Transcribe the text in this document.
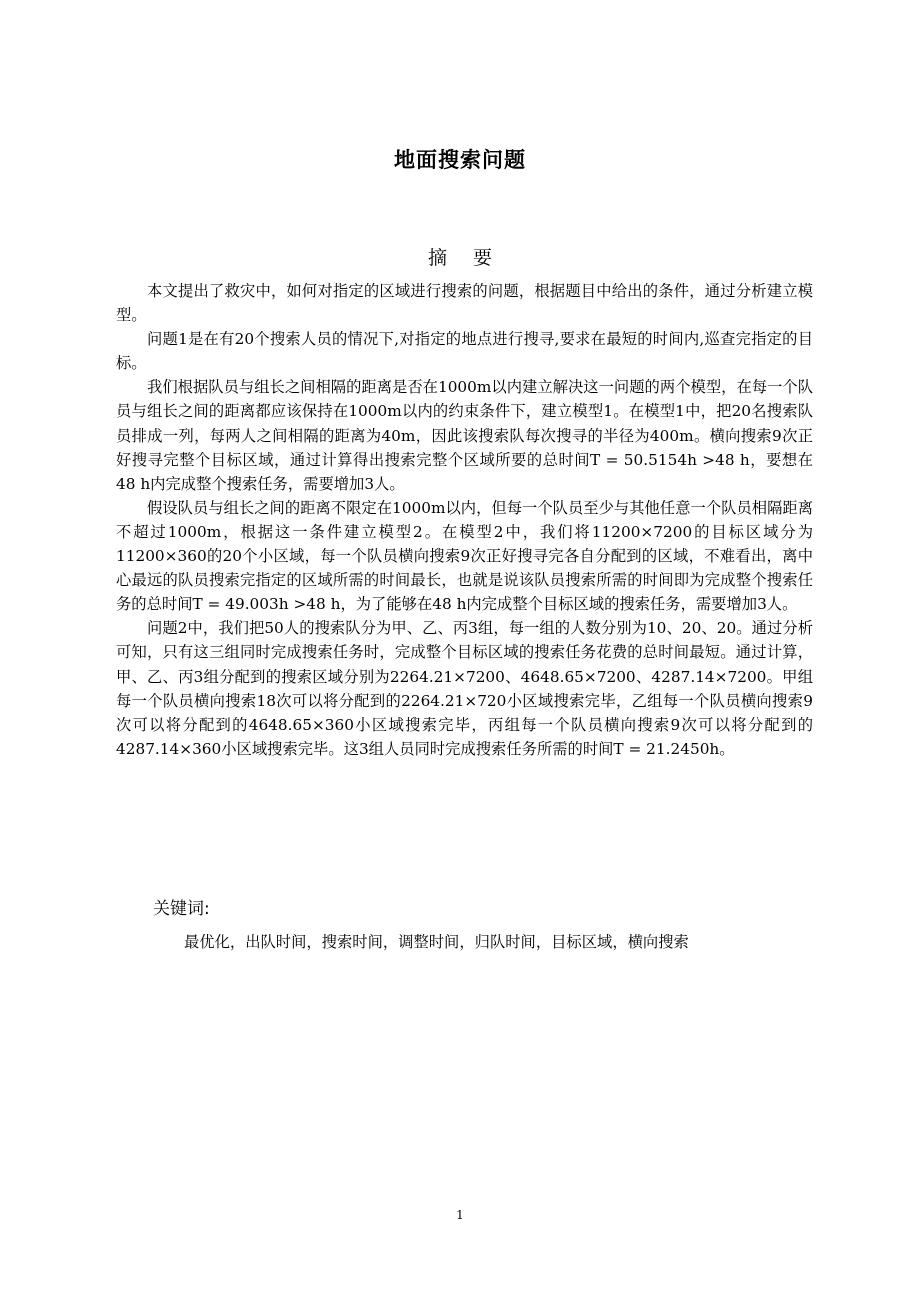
地面搜索问题
摘 要

本文提出了救灾中，如何对指定的区域进行搜索的问题，根据题目中给出的条件，通过分析建立模型。

问题1是在有20个搜索人员的情况下,对指定的地点进行搜寻,要求在最短的时间内,巡查完指定的目标。

我们根据队员与组长之间相隔的距离是否在1000m以内建立解决这一问题的两个模型，在每一个队员与组长之间的距离都应该保持在1000m以内的约束条件下，建立模型1。在模型1中，把20名搜索队员排成一列，每两人之间相隔的距离为40m，因此该搜索队每次搜寻的半径为400m。横向搜索9次正好搜寻完整个目标区域，通过计算得出搜索完整个区域所要的总时间T = 50.5154h >48 h，要想在48 h内完成整个搜索任务，需要增加3人。

假设队员与组长之间的距离不限定在1000m以内，但每一个队员至少与其他任意一个队员相隔距离不超过1000m，根据这一条件建立模型2。在模型2中，我们将11200×7200的目标区域分为11200×360的20个小区域，每一个队员横向搜索9次正好搜寻完各自分配到的区域，不难看出，离中心最远的队员搜索完指定的区域所需的时间最长，也就是说该队员搜索所需的时间即为完成整个搜索任务的总时间T = 49.003h >48 h，为了能够在48 h内完成整个目标区域的搜索任务，需要增加3人。

问题2中，我们把50人的搜索队分为甲、乙、丙3组，每一组的人数分别为10、20、20。通过分析可知，只有这三组同时完成搜索任务时，完成整个目标区域的搜索任务花费的总时间最短。通过计算，甲、乙、丙3组分配到的搜索区域分别为2264.21×7200、4648.65×7200、4287.14×7200。甲组每一个队员横向搜索18次可以将分配到的2264.21×720小区域搜索完毕，乙组每一个队员横向搜索9次可以将分配到的4648.65×360小区域搜索完毕，丙组每一个队员横向搜索9次可以将分配到的4287.14×360小区域搜索完毕。这3组人员同时完成搜索任务所需的时间T = 21.2450h。

关键词:
最优化，出队时间，搜索时间，调整时间，归队时间，目标区域，横向搜索
1
